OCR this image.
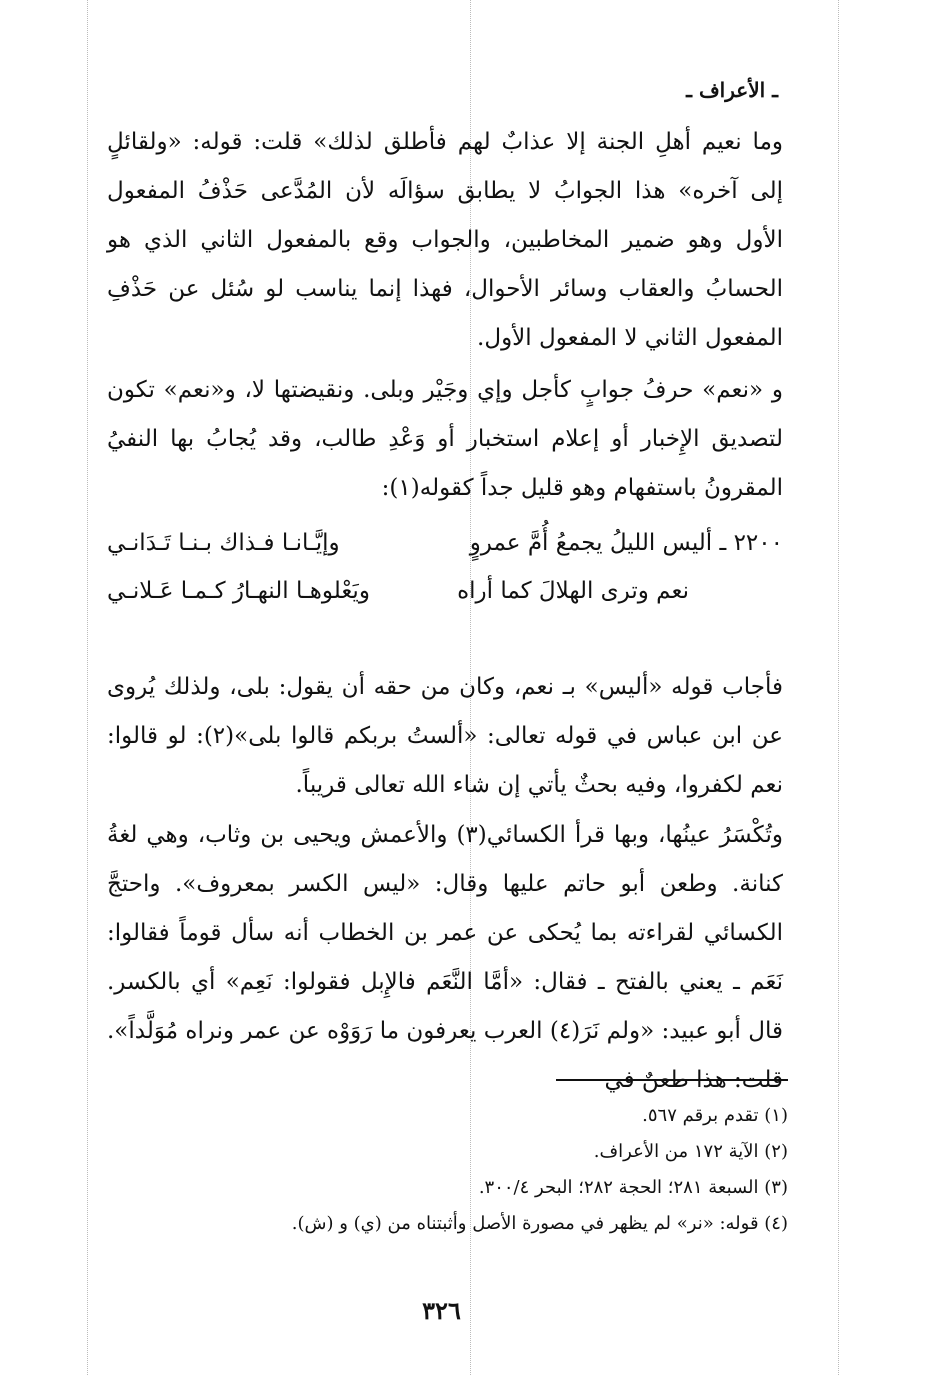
ـ الأعراف ـ

وما نعيم أهلِ الجنة إلا عذابٌ لهم فأطلق لذلك» قلت: قوله: «ولقائلٍ إلى آخره» هذا الجوابُ لا يطابق سؤالَه لأن المُدَّعى حَذْفُ المفعول الأول وهو ضمير المخاطبين، والجواب وقع بالمفعول الثاني الذي هو الحسابُ والعقاب وسائر الأحوال، فهذا إنما يناسب لو سُئل عن حَذْفِ المفعول الثاني لا المفعول الأول.

و «نعم» حرفُ جوابٍ كأجل وإي وجَيْر وبلى. ونقيضتها لا، و«نعم» تكون لتصديق الإِخبار أو إعلام استخبار أو وَعْدِ طالب، وقد يُجابُ بها النفيُ المقرونُ باستفهام وهو قليل جداً كقوله(١):

٢٢٠٠ ـ أليس الليلُ يجمعُ أُمَّ عمروٍ
وإيَّـانـا فـذاك بـنـا تَـدَانـي
نعم وترى الهلالَ كما أراه
ويَعْلوهـا النهـارُ كـمـا عَـلانـي

فأجاب قوله «أليس» بـ نعم، وكان من حقه أن يقول: بلى، ولذلك يُروى عن ابن عباس في قوله تعالى: «ألستُ بربكم قالوا بلى»(٢): لو قالوا: نعم لكفروا، وفيه بحثٌ يأتي إن شاء الله تعالى قريباً.

وتُكْسَرُ عينُها، وبها قرأ الكسائي(٣) والأعمش ويحيى بن وثاب، وهي لغةُ كنانة. وطعن أبو حاتم عليها وقال: «ليس الكسر بمعروف». واحتجَّ الكسائي لقراءته بما يُحكى عن عمر بن الخطاب أنه سأل قوماً فقالوا: نَعَم ـ يعني بالفتح ـ فقال: «أمَّا النَّعَم فالإِبل فقولوا: نَعِم» أي بالكسر. قال أبو عبيد: «ولم نَرَ(٤) العرب يعرفون ما رَوَوْه عن عمر ونراه مُوَلَّداً». قلت: هذا طعنٌ في

(١) تقدم برقم ٥٦٧.
(٢) الآية ١٧٢ من الأعراف.
(٣) السبعة ٢٨١؛ الحجة ٢٨٢؛ البحر ٣٠٠/٤.
(٤) قوله: «نر» لم يظهر في مصورة الأصل وأثبتناه من (ي) و (ش).
٣٢٦
